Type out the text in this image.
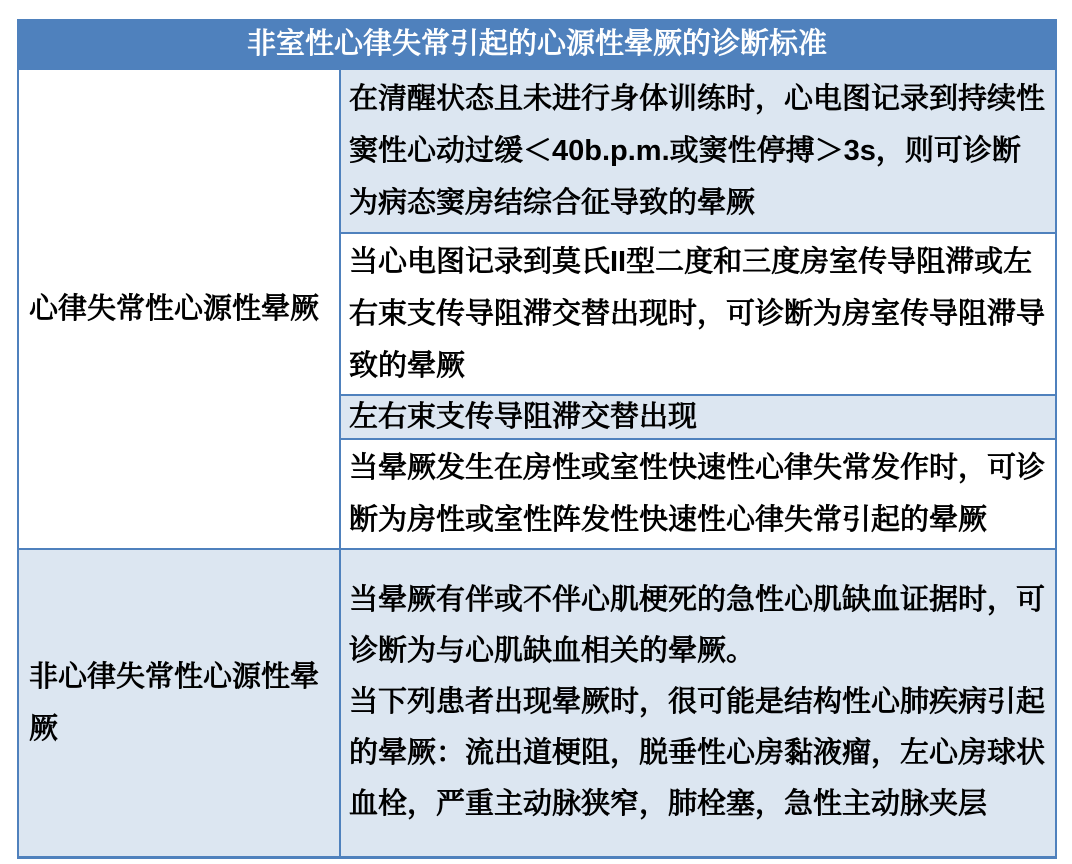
非室性心律失常引起的心源性晕厥的诊断标准	
心律失常性心源性晕厥	在清醒状态且未进行身体训练时，心电图记录到持续性窦性心动过缓＜40b.p.m.或窦性停搏＞3s，则可诊断为病态窦房结综合征导致的晕厥
	当心电图记录到莫氏II型二度和三度房室传导阻滞或左右束支传导阻滞交替出现时，可诊断为房室传导阻滞导致的晕厥
	左右束支传导阻滞交替出现
	当晕厥发生在房性或室性快速性心律失常发作时，可诊断为房性或室性阵发性快速性心律失常引起的晕厥
非心律失常性心源性晕厥	当晕厥有伴或不伴心肌梗死的急性心肌缺血证据时，可诊断为与心肌缺血相关的晕厥。
当下列患者出现晕厥时，很可能是结构性心肺疾病引起的晕厥：流出道梗阻，脱垂性心房黏液瘤，左心房球状血栓，严重主动脉狭窄，肺栓塞，急性主动脉夹层
